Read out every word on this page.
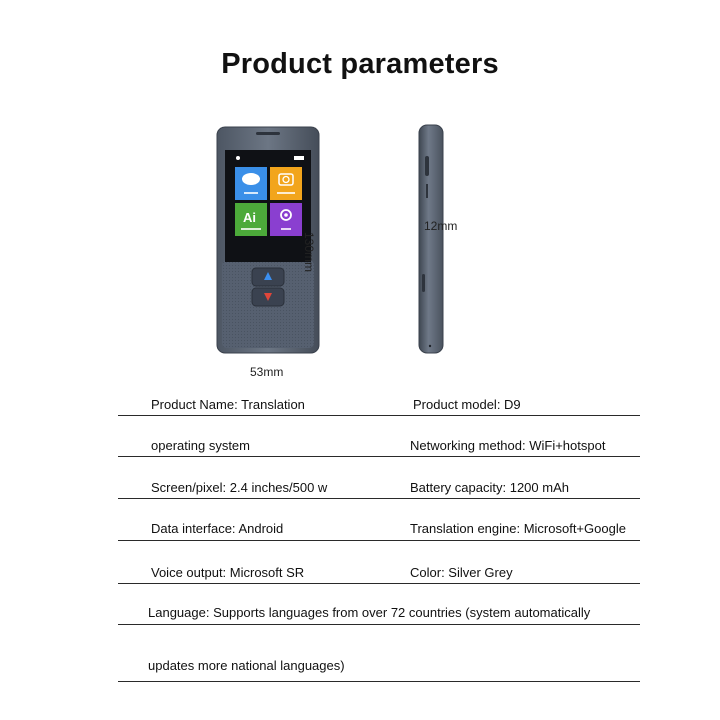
Product parameters
Ai
12mm
130mm
53mm
Product Name: Translation	Product model: D9
operating system	Networking method: WiFi+hotspot
Screen/pixel: 2.4 inches/500 w	Battery capacity: 1200 mAh
Data interface: Android	Translation engine: Microsoft+Google
Voice output: Microsoft SR	Color: Silver Grey
Language: Supports languages from over 72 countries (system automatically
updates more national languages)
